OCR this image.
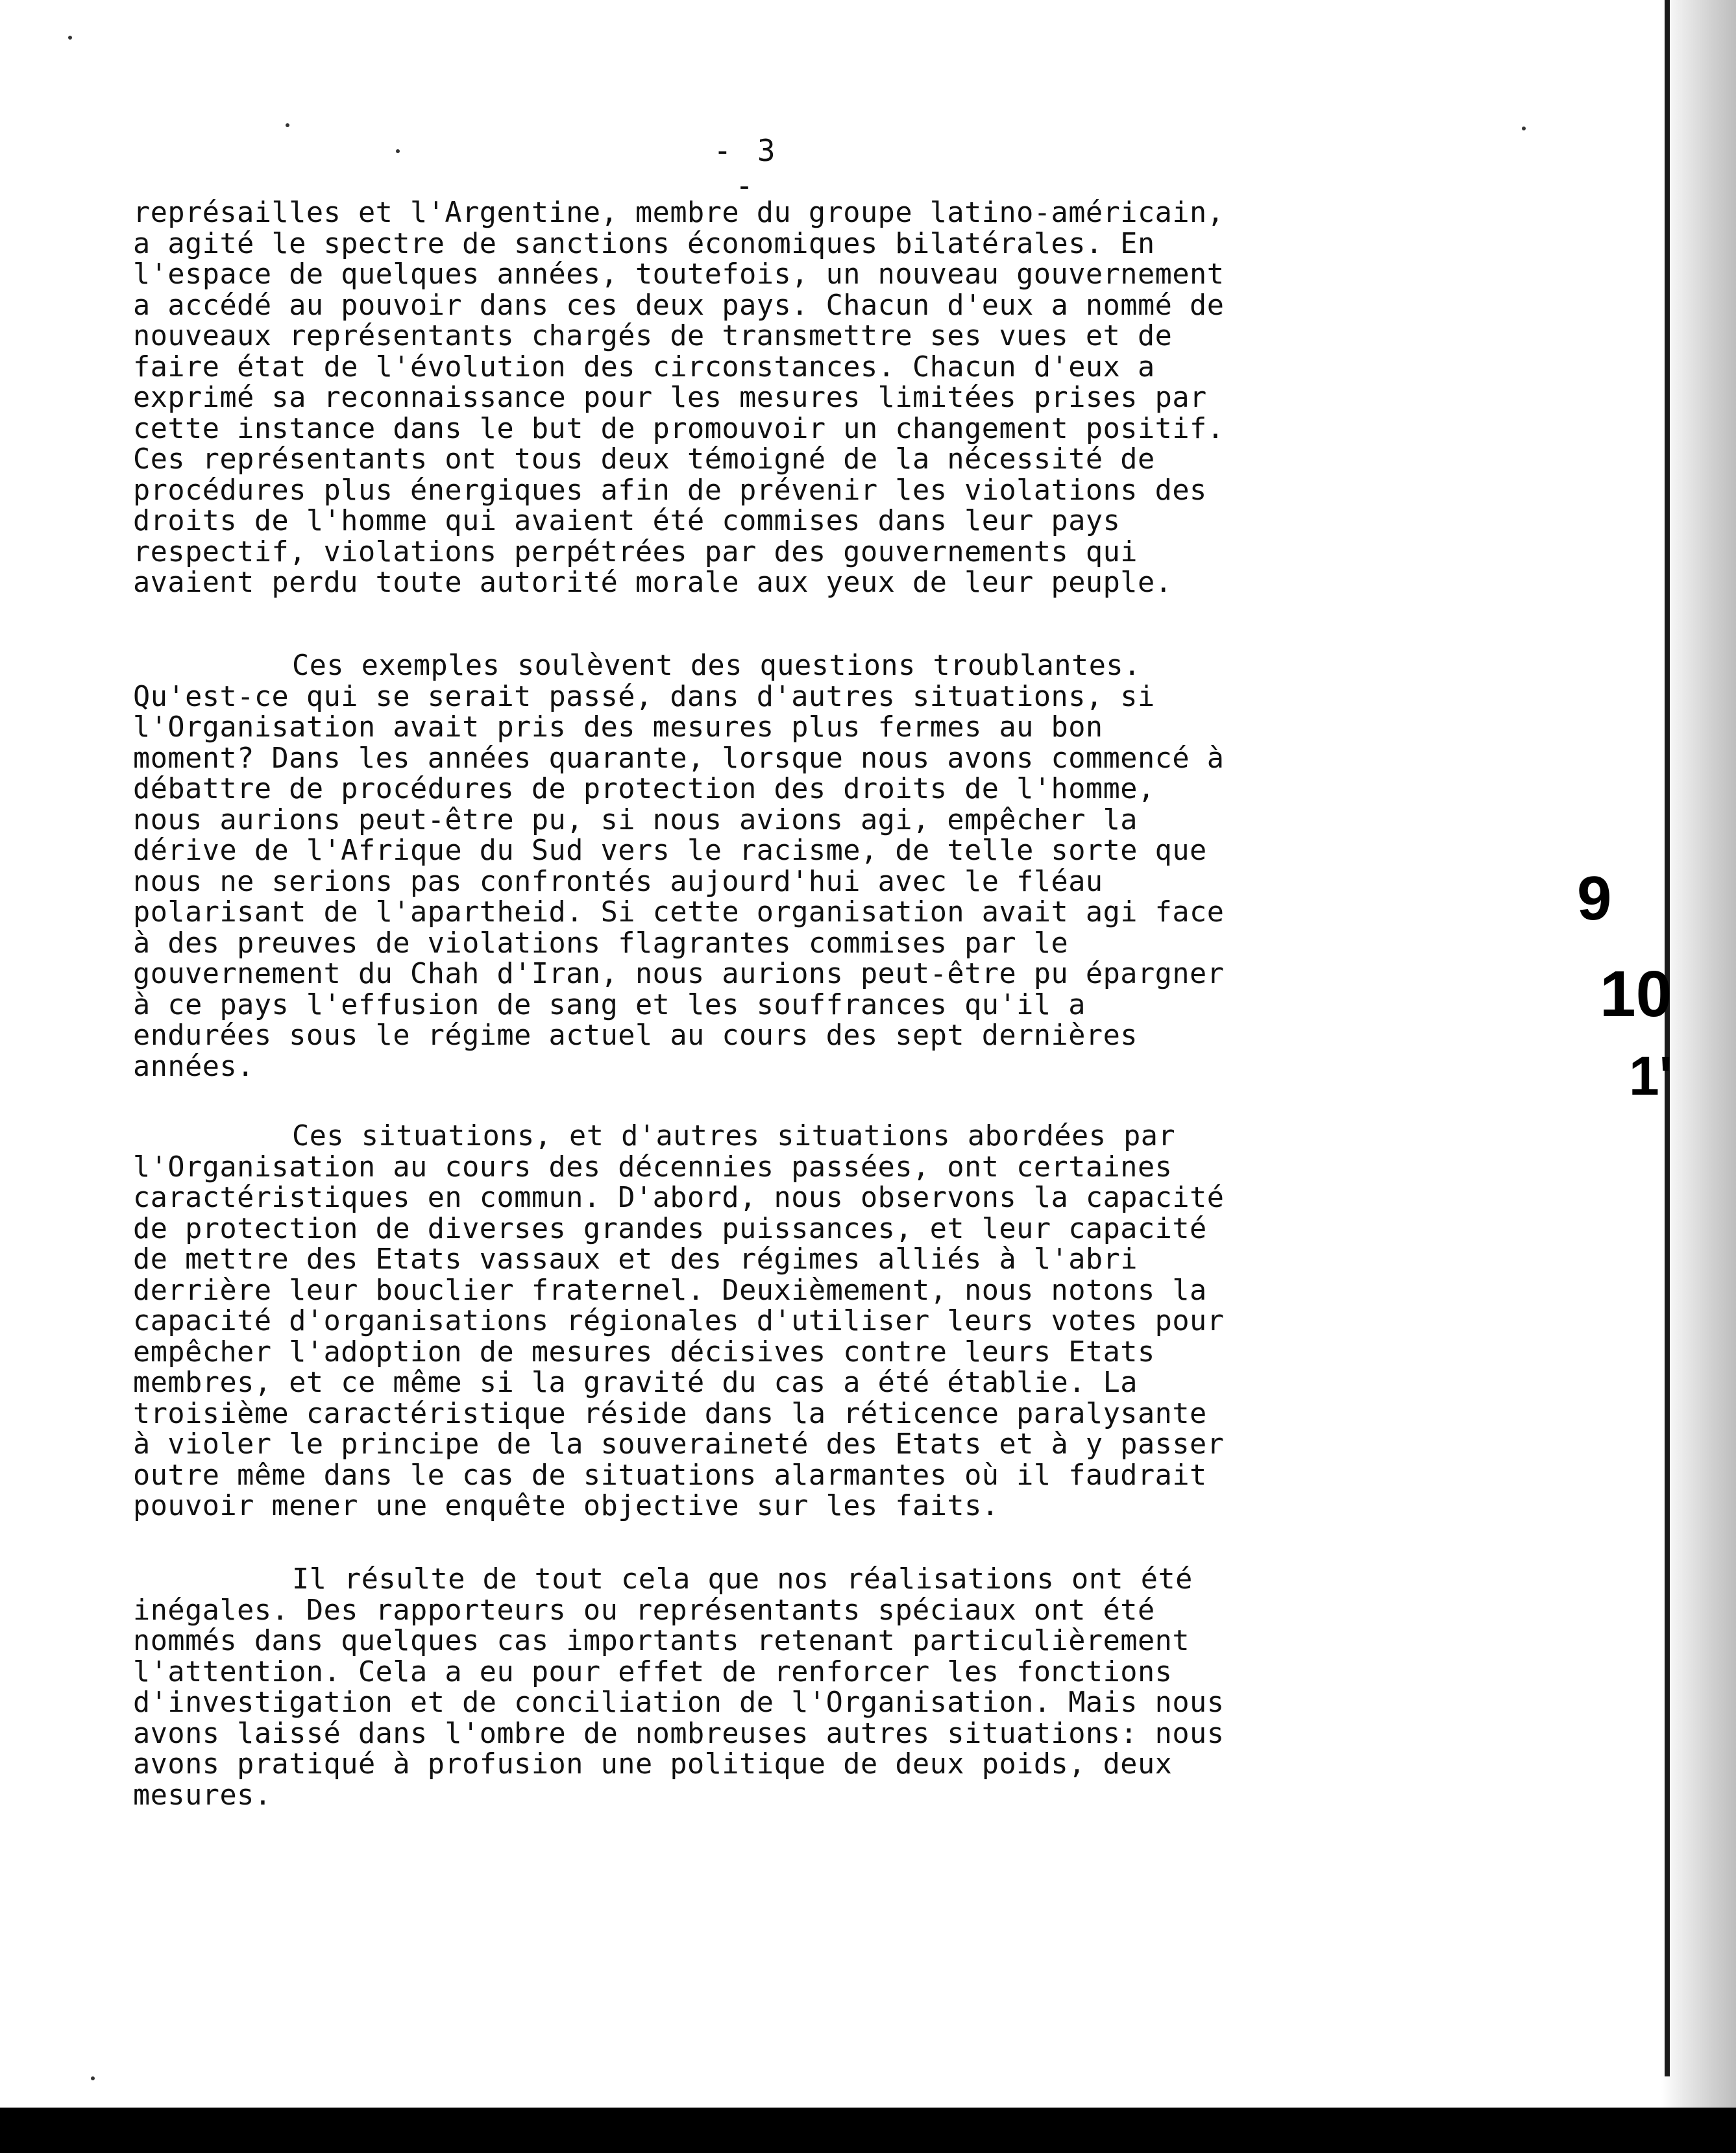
- 3 -
représailles et l'Argentine, membre du groupe latino-américain,
a agité le spectre de sanctions économiques bilatérales. En
l'espace de quelques années, toutefois, un nouveau gouvernement
a accédé au pouvoir dans ces deux pays. Chacun d'eux a nommé de
nouveaux représentants chargés de transmettre ses vues et de
faire état de l'évolution des circonstances. Chacun d'eux a
exprimé sa reconnaissance pour les mesures limitées prises par
cette instance dans le but de promouvoir un changement positif.
Ces représentants ont tous deux témoigné de la nécessité de
procédures plus énergiques afin de prévenir les violations des
droits de l'homme qui avaient été commises dans leur pays
respectif, violations perpétrées par des gouvernements qui
avaient perdu toute autorité morale aux yeux de leur peuple.
Ces exemples soulèvent des questions troublantes.
Qu'est-ce qui se serait passé, dans d'autres situations, si
l'Organisation avait pris des mesures plus fermes au bon
moment? Dans les années quarante, lorsque nous avons commencé à
débattre de procédures de protection des droits de l'homme,
nous aurions peut-être pu, si nous avions agi, empêcher la
dérive de l'Afrique du Sud vers le racisme, de telle sorte que
nous ne serions pas confrontés aujourd'hui avec le fléau
polarisant de l'apartheid. Si cette organisation avait agi face
à des preuves de violations flagrantes commises par le
gouvernement du Chah d'Iran, nous aurions peut-être pu épargner
à ce pays l'effusion de sang et les souffrances qu'il a
endurées sous le régime actuel au cours des sept dernières
années.
Ces situations, et d'autres situations abordées par
l'Organisation au cours des décennies passées, ont certaines
caractéristiques en commun. D'abord, nous observons la capacité
de protection de diverses grandes puissances, et leur capacité
de mettre des Etats vassaux et des régimes alliés à l'abri
derrière leur bouclier fraternel. Deuxièmement, nous notons la
capacité d'organisations régionales d'utiliser leurs votes pour
empêcher l'adoption de mesures décisives contre leurs Etats
membres, et ce même si la gravité du cas a été établie. La
troisième caractéristique réside dans la réticence paralysante
à violer le principe de la souveraineté des Etats et à y passer
outre même dans le cas de situations alarmantes où il faudrait
pouvoir mener une enquête objective sur les faits.
Il résulte de tout cela que nos réalisations ont été
inégales. Des rapporteurs ou représentants spéciaux ont été
nommés dans quelques cas importants retenant particulièrement
l'attention. Cela a eu pour effet de renforcer les fonctions
d'investigation et de conciliation de l'Organisation. Mais nous
avons laissé dans l'ombre de nombreuses autres situations: nous
avons pratiqué à profusion une politique de deux poids, deux
mesures.
9
10
1'
